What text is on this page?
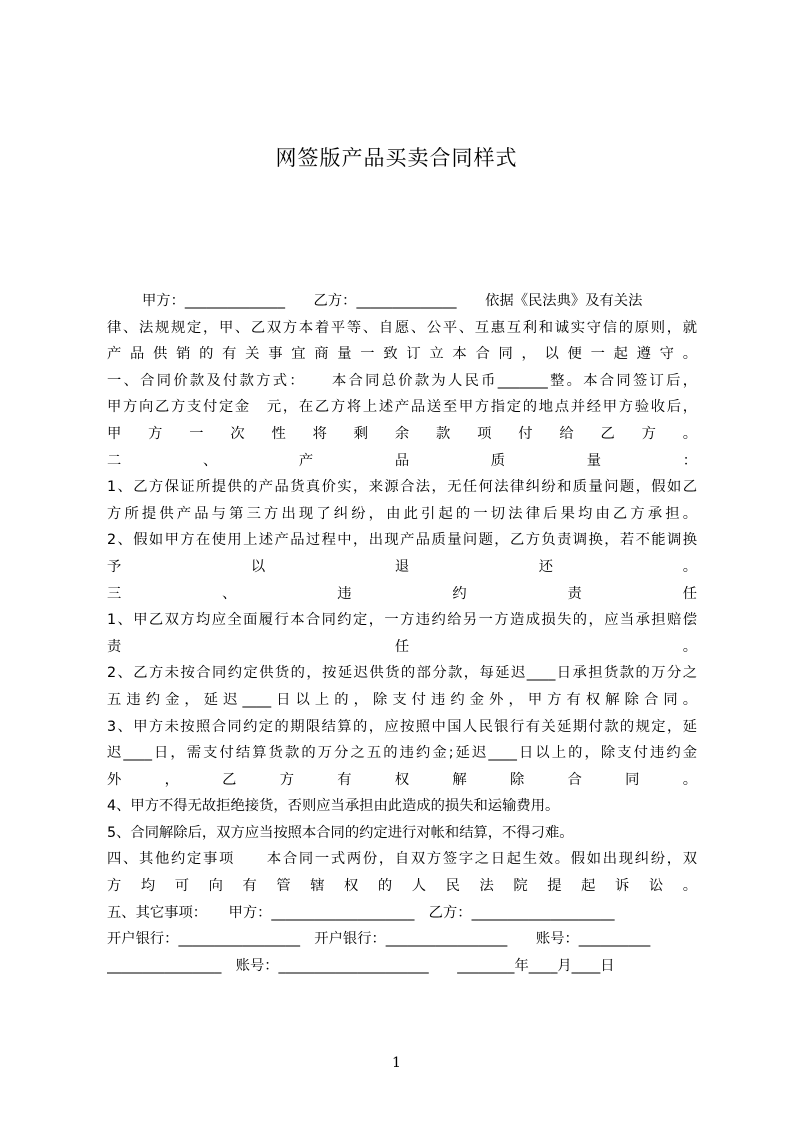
网签版产品买卖合同样式
甲方：______________　　乙方：______________　　依据《民法典》及有关法
律、法规规定，甲、乙双方本着平等、自愿、公平、互惠互利和诚实守信的原则，就
产品供销的有关事宜商量一致订立本合同，以便一起遵守。
一、合同价款及付款方式：　　本合同总价款为人民币_______整。本合同签订后，
甲方向乙方支付定金　元，在乙方将上述产品送至甲方指定的地点并经甲方验收后，
甲方一次性将剩余款项付给乙方。
二、产品质量：
1、乙方保证所提供的产品货真价实，来源合法，无任何法律纠纷和质量问题，假如乙
方所提供产品与第三方出现了纠纷，由此引起的一切法律后果均由乙方承担。
2、假如甲方在使用上述产品过程中，出现产品质量问题，乙方负责调换，若不能调换
予以退还。
三、违约责任
1、甲乙双方均应全面履行本合同约定，一方违约给另一方造成损失的，应当承担赔偿
责任。
2、乙方未按合同约定供货的，按延迟供货的部分款，每延迟____日承担货款的万分之
五违约金，延迟____日以上的，除支付违约金外，甲方有权解除合同。
3、甲方未按照合同约定的期限结算的，应按照中国人民银行有关延期付款的规定，延
迟____日，需支付结算货款的万分之五的违约金;延迟____日以上的，除支付违约金
外，乙方有权解除合同。
4、甲方不得无故拒绝接货，否则应当承担由此造成的损失和运输费用。
5、合同解除后，双方应当按照本合同的约定进行对帐和结算，不得刁难。
四、其他约定事项　　本合同一式两份，自双方签字之日起生效。假如出现纠纷，双
方均可向有管辖权的人民法院提起诉讼。
五、其它事项：　　甲方：____________________　乙方：____________________
开户银行：_________________　开户银行：_________________　　账号：__________
________________　账号：_____________________　　________年____月____日
1
